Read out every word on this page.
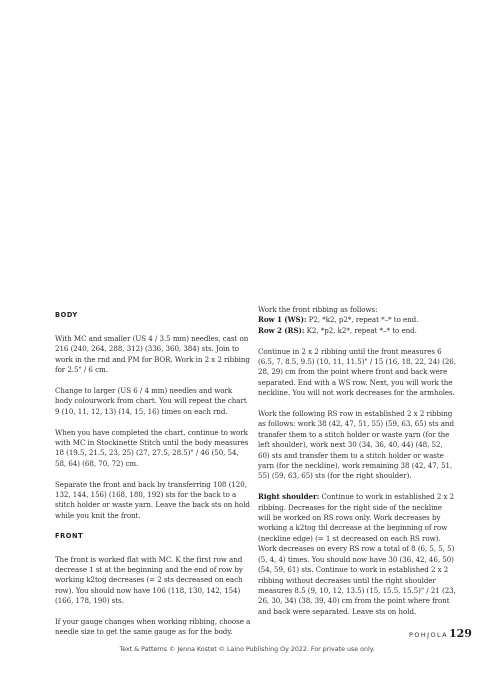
BODY

With MC and smaller (US 4 / 3.5 mm) needles, cast on 216 (240, 264, 288, 312) (336, 360, 384) sts. Join to work in the rnd and PM for BOR. Work in 2 x 2 ribbing for 2.5" / 6 cm.

Change to larger (US 6 / 4 mm) needles and work body colourwork from chart. You will repeat the chart 9 (10, 11, 12, 13) (14, 15, 16) times on each rnd.

When you have completed the chart, continue to work with MC in Stockinette Stitch until the body measures 18 (19.5, 21.5, 23, 25) (27, 27.5, 28.5)" / 46 (50, 54, 58, 64) (68, 70, 72) cm.

Separate the front and back by transferring 108 (120, 132, 144, 156) (168, 180, 192) sts for the back to a stitch holder or waste yarn. Leave the back sts on hold while you knit the front.

FRONT

The front is worked flat with MC. K the first row and decrease 1 st at the beginning and the end of row by working k2tog decreases (= 2 sts decreased on each row). You should now have 106 (118, 130, 142, 154) (166, 178, 190) sts.

If your gauge changes when working ribbing, choose a needle size to get the same gauge as for the body.

Work the front ribbing as follows:
Row 1 (WS): P2, *k2, p2*, repeat *–* to end.
Row 2 (RS): K2, *p2, k2*, repeat *–* to end.

Continue in 2 x 2 ribbing until the front measures 6 (6.5, 7, 8.5, 9.5) (10, 11, 11.5)" / 15 (16, 18, 22, 24) (26, 28, 29) cm from the point where front and back were separated. End with a WS row. Next, you will work the neckline. You will not work decreases for the armholes.

Work the following RS row in established 2 x 2 ribbing as follows: work 38 (42, 47, 51, 55) (59, 63, 65) sts and transfer them to a stitch holder or waste yarn (for the left shoulder), work next 30 (34, 36, 40, 44) (48, 52, 60) sts and transfer them to a stitch holder or waste yarn (for the neckline), work remaining 38 (42, 47, 51, 55) (59, 63, 65) sts (for the right shoulder).

Right shoulder: Continue to work in established 2 x 2 ribbing. Decreases for the right side of the neckline will be worked on RS rows only. Work decreases by working a k2tog tbl decrease at the beginning of row (neckline edge) (= 1 st decreased on each RS row). Work decreases on every RS row a total of 8 (6, 5, 5, 5) (5, 4, 4) times. You should now have 30 (36, 42, 46, 50) (54, 59, 61) sts. Continue to work in established 2 x 2 ribbing without decreases until the right shoulder measures 8.5 (9, 10, 12, 13.5) (15, 15.5, 15.5)" / 21 (23, 26, 30, 34) (38, 39, 40) cm from the point where front and back were separated. Leave sts on hold.

POHJOLA 129
Text & Patterns © Jenna Kostet © Laino Publishing Oy 2022. For private use only.
